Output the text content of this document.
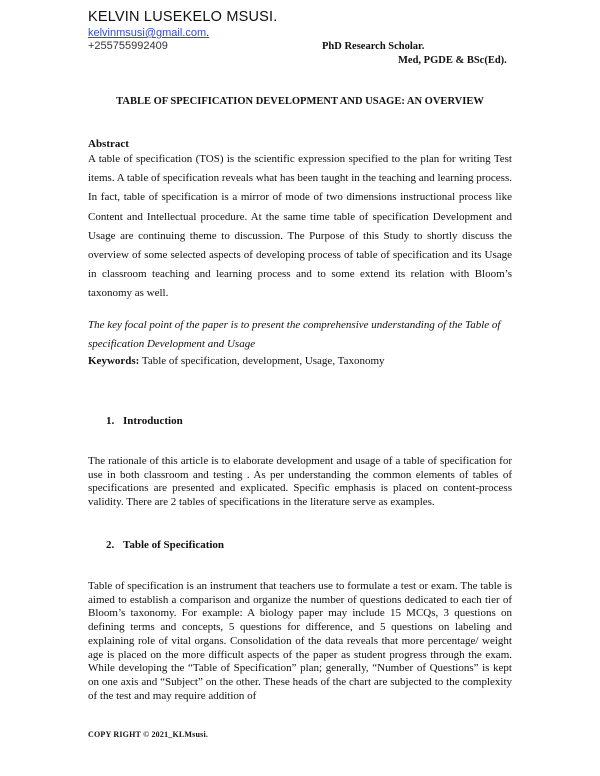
KELVIN LUSEKELO MSUSI.
kelvinmsusi@gmail.com.
+255755992409	PhD Research Scholar.
Med, PGDE & BSc(Ed).
TABLE OF SPECIFICATION DEVELOPMENT AND USAGE: AN OVERVIEW
Abstract

A table of specification (TOS) is the scientific expression specified to the plan for writing Test items. A table of specification reveals what has been taught in the teaching and learning process. In fact, table of specification is a mirror of mode of two dimensions instructional process like Content and Intellectual procedure. At the same time table of specification Development and Usage are continuing theme to discussion. The Purpose of this Study to shortly discuss the overview of some selected aspects of developing process of table of specification and its Usage in classroom teaching and learning process and to some extend its relation with Bloom’s taxonomy as well.

The key focal point of the paper is to present the comprehensive understanding of the Table of specification Development and Usage

Keywords: Table of specification, development, Usage, Taxonomy
1. Introduction

The rationale of this article is to elaborate development and usage of a table of specification for use in both classroom and testing . As per understanding the common elements of tables of specifications are presented and explicated. Specific emphasis is placed on content-process validity. There are 2 tables of specifications in the literature serve as examples.

2. Table of Specification

Table of specification is an instrument that teachers use to formulate a test or exam. The table is aimed to establish a comparison and organize the number of questions dedicated to each tier of Bloom’s taxonomy. For example: A biology paper may include 15 MCQs, 3 questions on defining terms and concepts, 5 questions for difference, and 5 questions on labeling and explaining role of vital organs. Consolidation of the data reveals that more percentage/ weight age is placed on the more difficult aspects of the paper as student progress through the exam. While developing the “Table of Specification” plan; generally, “Number of Questions” is kept on one axis and “Subject” on the other. These heads of the chart are subjected to the complexity of the test and may require addition of

COPY RIGHT © 2021_KLMsusi.
